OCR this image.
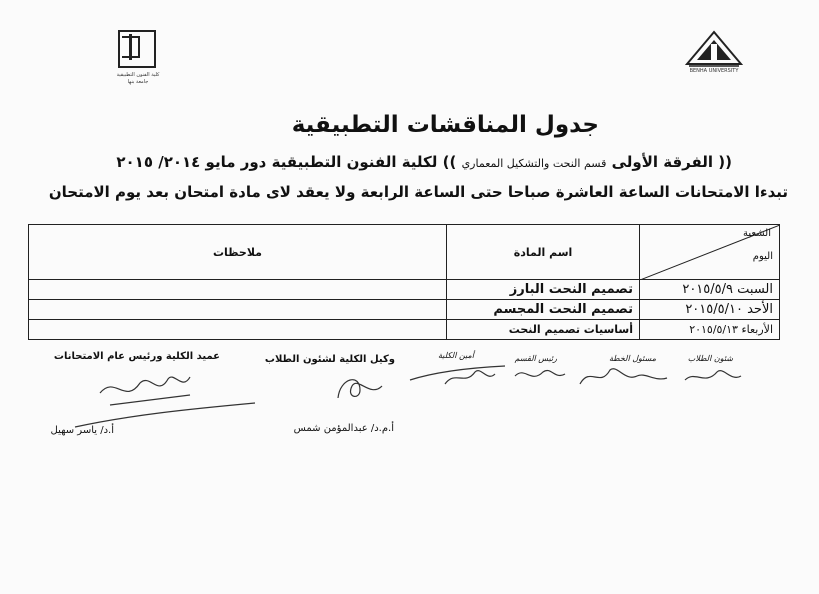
كلية الفنون التطبيقية
جامعة بنها
BENHA UNIVERSITY
جدول المناقشات التطبيقية
(( الفرقة الأولى قسم النحت والتشكيل المعماري )) لكلية الفنون التطبيقية دور مايو ٢٠١٤/ ٢٠١٥
تبدءا الامتحانات الساعة العاشرة صباحا حتى الساعة الرابعة ولا يعقد لاى مادة امتحان بعد يوم الامتحان
ملاحظات	اسم المادة	الشعبة
اليوم

	تصميم النحت البارز	السبت ٢٠١٥/٥/٩
	تصميم النحت المجسم	الأحد ٢٠١٥/٥/١٠
	أساسيات تصميم النحت	الأربعاء ٢٠١٥/٥/١٣
عميد الكلية ورئيس عام الامتحانات
أ.د/ ياسر سهيل
وكيل الكلية لشئون الطلاب
أ.م.د/ عبدالمؤمن شمس
أمين الكلية	رئيس القسم	مسئول الخطة	شئون الطلاب
